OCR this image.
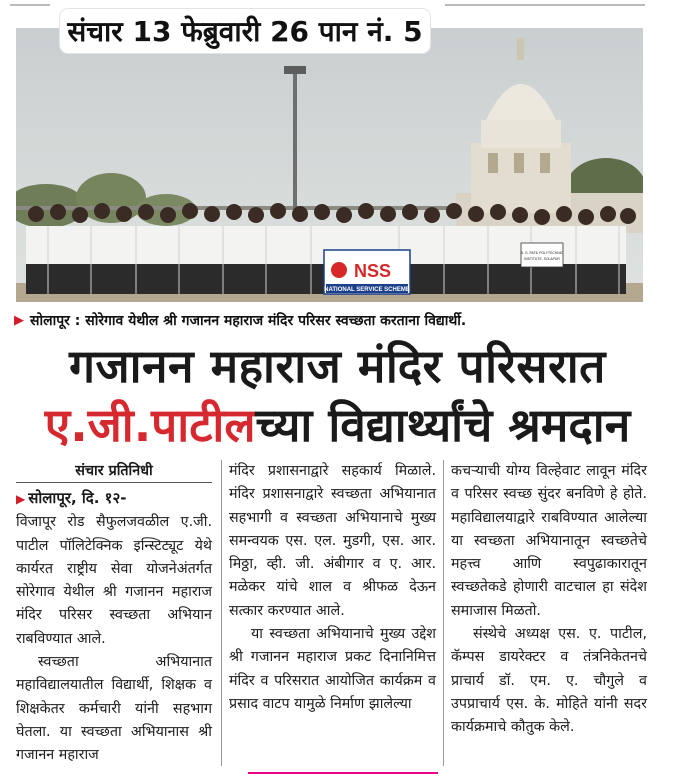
NSS
NATIONAL SERVICE SCHEME
A. G. PATIL POLYTECHNIC
INSTITUTE, SOLAPUR
संचार 13 फेब्रुवारी 26 पान नं. 5
▶ सोलापूर : सोरेगाव येथील श्री गजानन महाराज मंदिर परिसर स्वच्छता करताना विद्यार्थी.
गजानन महाराज मंदिर परिसरात
ए.जी.पाटीलच्या विद्यार्थ्यांचे श्रमदान

संचार प्रतिनिधी

▶ सोलापूर, दि. १२-

विजापूर रोड सैफुलजवळील ए.जी. पाटील पॉलिटेक्निक इन्स्टिट्यूट येथे कार्यरत राष्ट्रीय सेवा योजनेअंतर्गत सोरेगाव येथील श्री गजानन महाराज मंदिर परिसर स्वच्छता अभियान राबविण्यात आले.

स्वच्छता अभियानात महाविद्यालयातील विद्यार्थी, शिक्षक व शिक्षकेतर कर्मचारी यांनी सहभाग घेतला. या स्वच्छता अभियानास श्री गजानन महाराज

मंदिर प्रशासनाद्वारे सहकार्य मिळाले. मंदिर प्रशासनाद्वारे स्वच्छता अभियानात सहभागी व स्वच्छता अभियानाचे मुख्य समन्वयक एस. एल. मुडगी, एस. आर. मिठ्ठा, व्ही. जी. अंबीगार व ए. आर. मळेकर यांचे शाल व श्रीफळ देऊन सत्कार करण्यात आले.

या स्वच्छता अभियानाचे मुख्य उद्देश श्री गजानन महाराज प्रकट दिनानिमित्त मंदिर व परिसरात आयोजित कार्यक्रम व प्रसाद वाटप यामुळे निर्माण झालेल्या

कचऱ्याची योग्य विल्हेवाट लावून मंदिर व परिसर स्वच्छ सुंदर बनविणे हे होते. महाविद्यालयाद्वारे राबविण्यात आलेल्या या स्वच्छता अभियानातून स्वच्छतेचे महत्त्व आणि स्वपुढाकारातून स्वच्छतेकडे होणारी वाटचाल हा संदेश समाजास मिळतो.

संस्थेचे अध्यक्ष एस. ए. पाटील, कॅम्पस डायरेक्टर व तंत्रनिकेतनचे प्राचार्य डॉ. एम. ए. चौगुले व उपप्राचार्य एस. के. मोहिते यांनी सदर कार्यक्रमाचे कौतुक केले.
